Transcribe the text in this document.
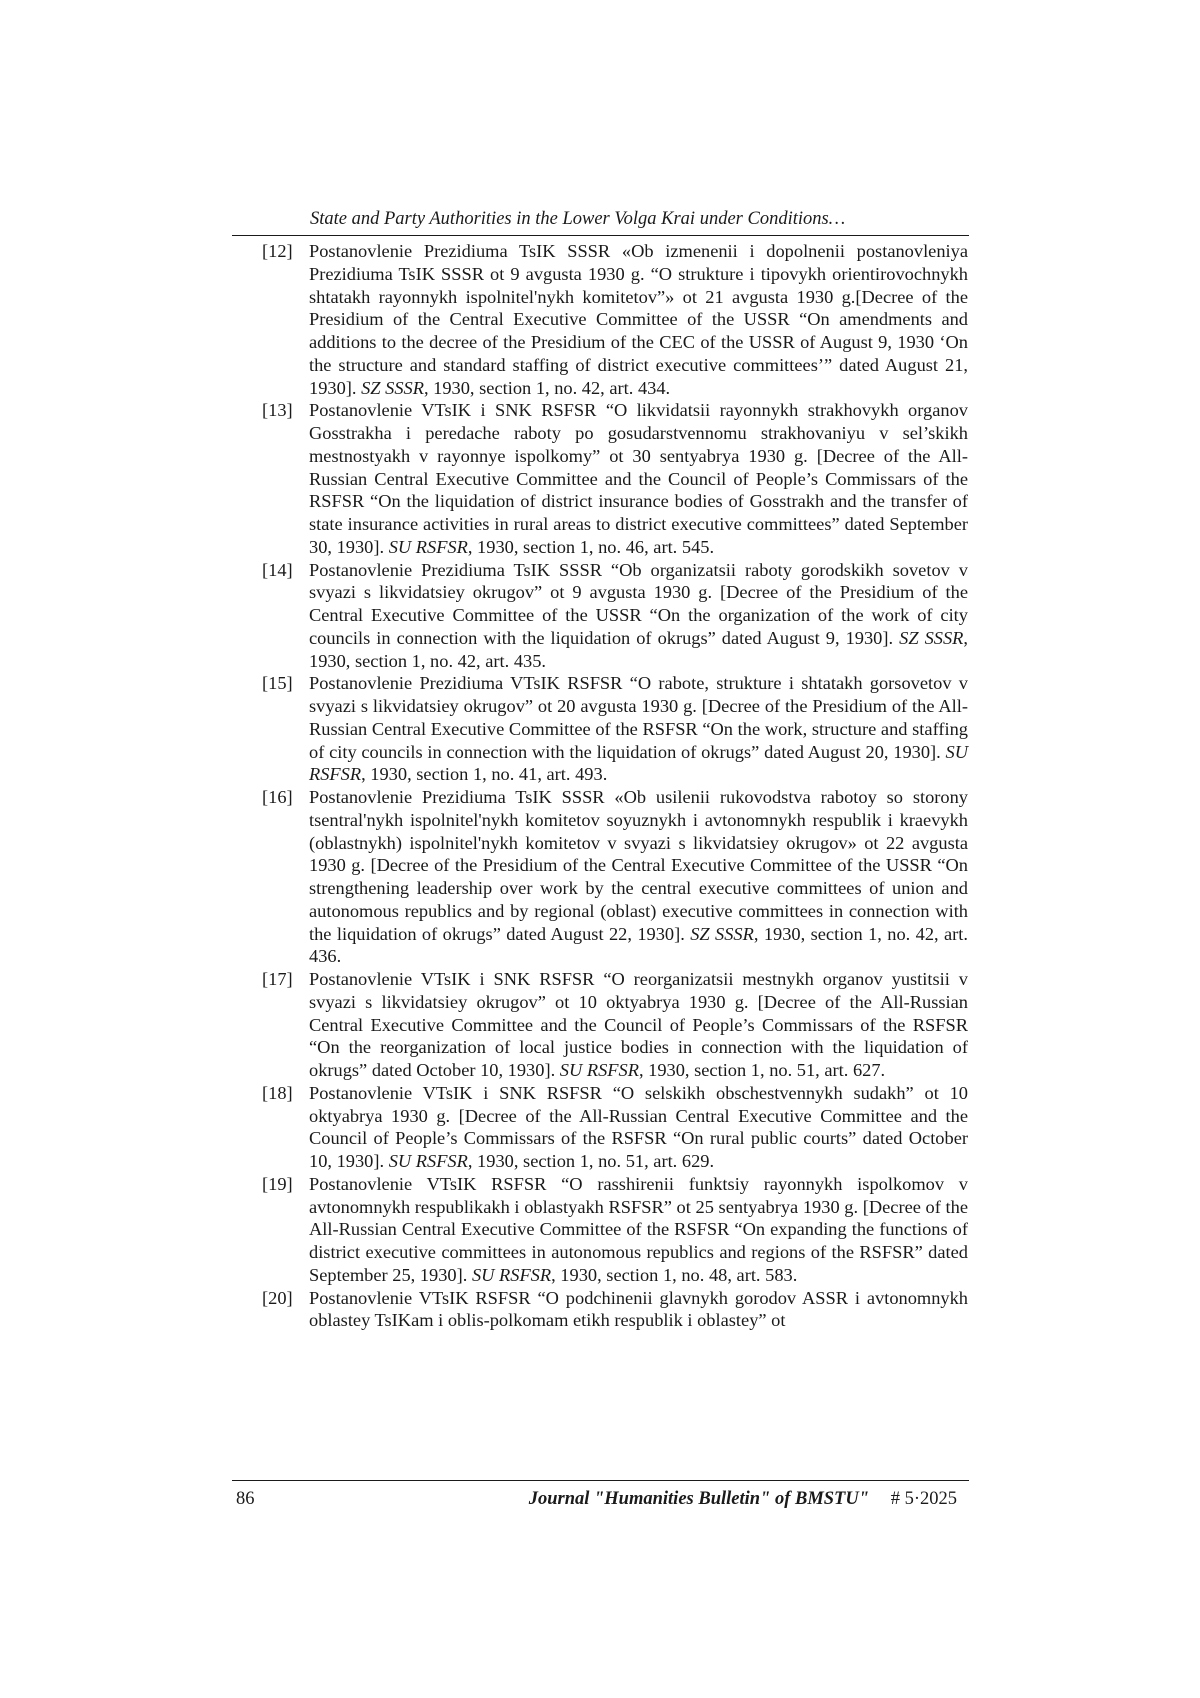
State and Party Authorities in the Lower Volga Krai under Conditions…
[12] Postanovlenie Prezidiuma TsIK SSSR «Ob izmenenii i dopolnenii postanovleniya Prezidiuma TsIK SSSR ot 9 avgusta 1930 g. “O strukture i tipovykh orientirovochnykh shtatakh rayonnykh ispolnitel'nykh komitetov”» ot 21 avgusta 1930 g.[Decree of the Presidium of the Central Executive Committee of the USSR “On amendments and additions to the decree of the Presidium of the CEC of the USSR of August 9, 1930 ‘On the structure and standard staffing of district executive committees’” dated August 21, 1930]. SZ SSSR, 1930, section 1, no. 42, art. 434.
[13] Postanovlenie VTsIK i SNK RSFSR “O likvidatsii rayonnykh strakhovykh organov Gosstrakha i peredache raboty po gosudarstvennomu strakhovaniyu v sel’skikh mestnostyakh v rayonnye ispolkomy” ot 30 sentyabrya 1930 g. [Decree of the All-Russian Central Executive Committee and the Council of People’s Commissars of the RSFSR “On the liquidation of district insurance bodies of Gosstrakh and the transfer of state insurance activities in rural areas to district executive committees” dated September 30, 1930]. SU RSFSR, 1930, section 1, no. 46, art. 545.
[14] Postanovlenie Prezidiuma TsIK SSSR “Ob organizatsii raboty gorodskikh sovetov v svyazi s likvidatsiey okrugov” ot 9 avgusta 1930 g. [Decree of the Presidium of the Central Executive Committee of the USSR “On the organization of the work of city councils in connection with the liquidation of okrugs” dated August 9, 1930]. SZ SSSR, 1930, section 1, no. 42, art. 435.
[15] Postanovlenie Prezidiuma VTsIK RSFSR “O rabote, strukture i shtatakh gorsovetov v svyazi s likvidatsiey okrugov” ot 20 avgusta 1930 g. [Decree of the Presidium of the All-Russian Central Executive Committee of the RSFSR “On the work, structure and staffing of city councils in connection with the liquidation of okrugs” dated August 20, 1930]. SU RSFSR, 1930, section 1, no. 41, art. 493.
[16] Postanovlenie Prezidiuma TsIK SSSR «Ob usilenii rukovodstva rabotoy so storony tsentral'nykh ispolnitel'nykh komitetov soyuznykh i avtonomnykh respublik i kraevykh (oblastnykh) ispolnitel'nykh komitetov v svyazi s likvidatsiey okrugov» ot 22 avgusta 1930 g. [Decree of the Presidium of the Central Executive Committee of the USSR “On strengthening leadership over work by the central executive committees of union and autonomous republics and by regional (oblast) executive committees in connection with the liquidation of okrugs” dated August 22, 1930]. SZ SSSR, 1930, section 1, no. 42, art. 436.
[17] Postanovlenie VTsIK i SNK RSFSR “O reorganizatsii mestnykh organov yustitsii v svyazi s likvidatsiey okrugov” ot 10 oktyabrya 1930 g. [Decree of the All-Russian Central Executive Committee and the Council of People’s Commissars of the RSFSR “On the reorganization of local justice bodies in connection with the liquidation of okrugs” dated October 10, 1930]. SU RSFSR, 1930, section 1, no. 51, art. 627.
[18] Postanovlenie VTsIK i SNK RSFSR “O selskikh obschestvennykh sudakh” ot 10 oktyabrya 1930 g. [Decree of the All-Russian Central Executive Committee and the Council of People’s Commissars of the RSFSR “On rural public courts” dated October 10, 1930]. SU RSFSR, 1930, section 1, no. 51, art. 629.
[19] Postanovlenie VTsIK RSFSR “O rasshirenii funktsiy rayonnykh ispolkomov v avtonomnykh respublikakh i oblastyakh RSFSR” ot 25 sentyabrya 1930 g. [Decree of the All-Russian Central Executive Committee of the RSFSR “On expanding the functions of district executive committees in autonomous republics and regions of the RSFSR” dated September 25, 1930]. SU RSFSR, 1930, section 1, no. 48, art. 583.
[20] Postanovlenie VTsIK RSFSR “O podchinenii glavnykh gorodov ASSR i avtonomnykh oblastey TsIKam i oblis-polkomam etikh respublik i oblastey” ot
86	Journal "Humanities Bulletin" of BMSTU" # 5·2025
